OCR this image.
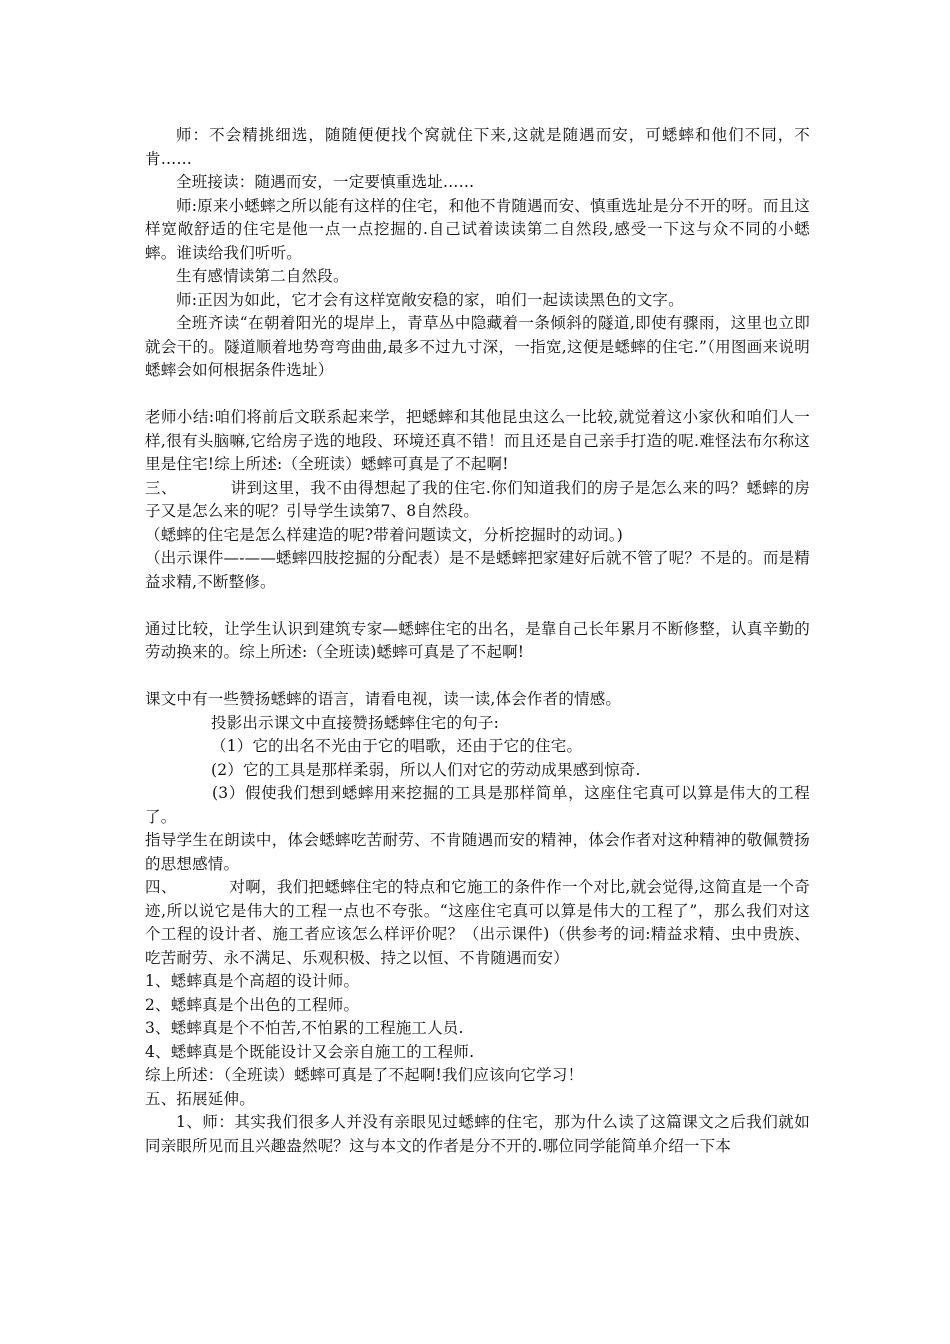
师：不会精挑细选，随随便便找个窝就住下来,这就是随遇而安，可蟋蟀和他们不同，不肯……

全班接读：随遇而安，一定要慎重选址……

师:原来小蟋蟀之所以能有这样的住宅，和他不肯随遇而安、慎重选址是分不开的呀。而且这样宽敞舒适的住宅是他一点一点挖掘的.自己试着读读第二自然段,感受一下这与众不同的小蟋蟀。谁读给我们听听。

生有感情读第二自然段。

师:正因为如此，它才会有这样宽敞安稳的家，咱们一起读读黑色的文字。

全班齐读“在朝着阳光的堤岸上，青草丛中隐藏着一条倾斜的隧道,即使有骤雨，这里也立即就会干的。隧道顺着地势弯弯曲曲,最多不过九寸深，一指宽,这便是蟋蟀的住宅.”（用图画来说明蟋蟀会如何根据条件选址）

老师小结:咱们将前后文联系起来学，把蟋蟀和其他昆虫这么一比较,就觉着这小家伙和咱们人一样,很有头脑嘛,它给房子选的地段、环境还真不错！而且还是自己亲手打造的呢.难怪法布尔称这里是住宅!综上所述:（全班读）蟋蟀可真是了不起啊!

三、          讲到这里，我不由得想起了我的住宅.你们知道我们的房子是怎么来的吗？蟋蟀的房子又是怎么来的呢？引导学生读第7、8自然段。

（蟋蟀的住宅是怎么样建造的呢?带着问题读文，分析挖掘时的动词。)

（出示课件—-——蟋蟀四肢挖掘的分配表）是不是蟋蟀把家建好后就不管了呢？不是的。而是精益求精,不断整修。

通过比较，让学生认识到建筑专家—蟋蟀住宅的出名，是靠自己长年累月不断修整，认真辛勤的劳动换来的。综上所述:（全班读)蟋蟀可真是了不起啊!

课文中有一些赞扬蟋蟀的语言，请看电视，读一读,体会作者的情感。

投影出示课文中直接赞扬蟋蟀住宅的句子:

（1）它的出名不光由于它的唱歌，还由于它的住宅。

(2）它的工具是那样柔弱，所以人们对它的劳动成果感到惊奇.

(3）假使我们想到蟋蟀用来挖掘的工具是那样简单，这座住宅真可以算是伟大的工程了。

指导学生在朗读中，体会蟋蟀吃苦耐劳、不肯随遇而安的精神，体会作者对这种精神的敬佩赞扬的思想感情。

四、          对啊，我们把蟋蟀住宅的特点和它施工的条件作一个对比,就会觉得,这简直是一个奇迹,所以说它是伟大的工程一点也不夸张。“这座住宅真可以算是伟大的工程了”，那么我们对这个工程的设计者、施工者应该怎么样评价呢？（出示课件)（供参考的词:精益求精、虫中贵族、吃苦耐劳、永不满足、乐观积极、持之以恒、不肯随遇而安）

1、蟋蟀真是个高超的设计师。

2、蟋蟀真是个出色的工程师。

3、蟋蟀真是个不怕苦,不怕累的工程施工人员.

4、蟋蟀真是个既能设计又会亲自施工的工程师.

综上所述：（全班读）蟋蟀可真是了不起啊!我们应该向它学习！

五、拓展延伸。

1、师：其实我们很多人并没有亲眼见过蟋蟀的住宅，那为什么读了这篇课文之后我们就如同亲眼所见而且兴趣盎然呢？这与本文的作者是分不开的.哪位同学能简单介绍一下本
